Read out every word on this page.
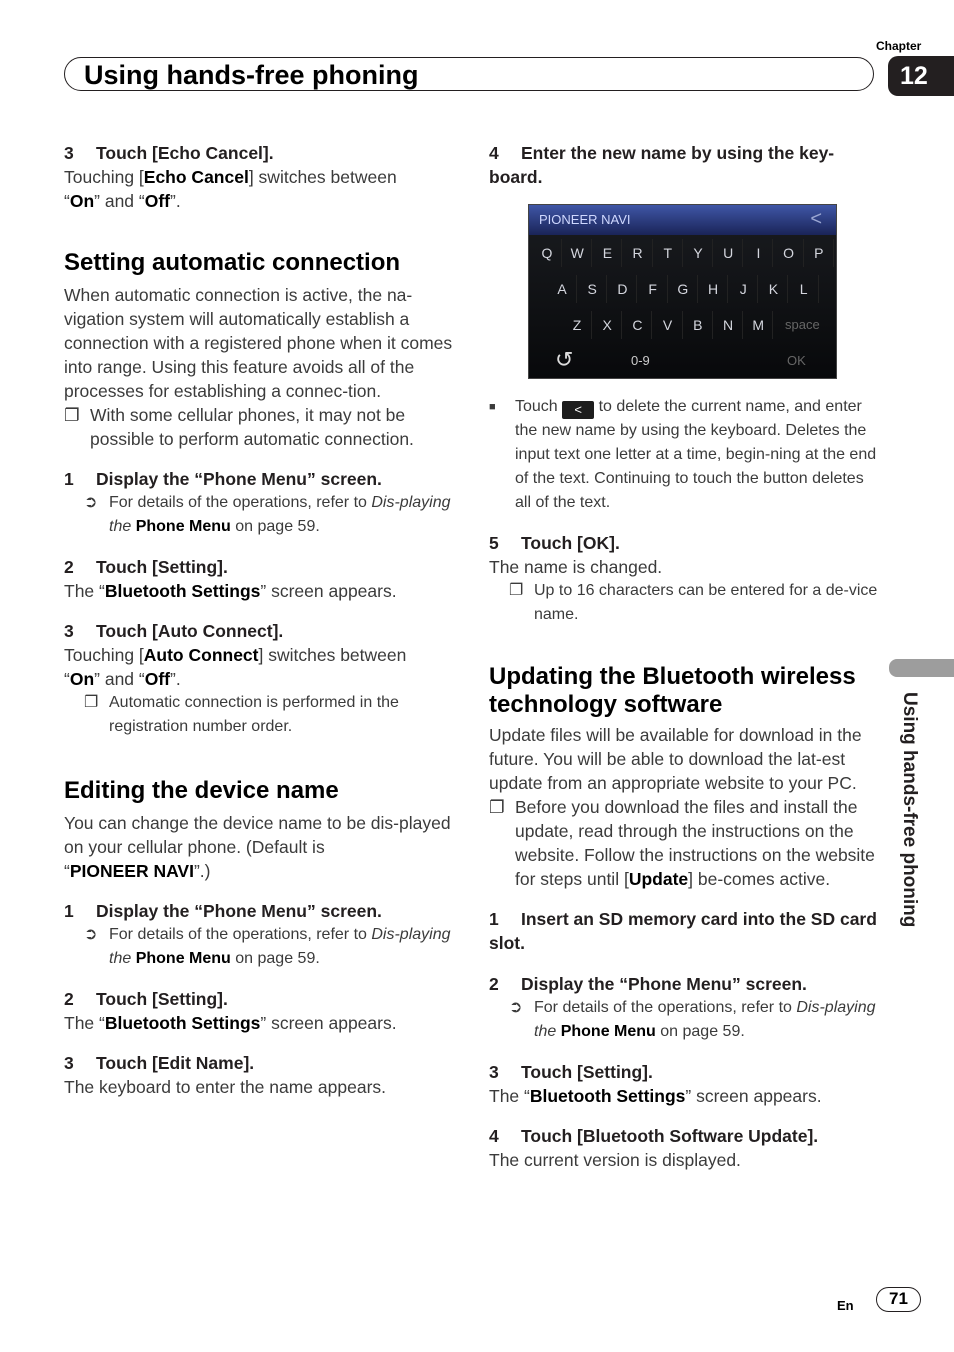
Using hands-free phoning
Chapter
12
Using hands-free phoning

3 Touch [Echo Cancel].

Touching [Echo Cancel] switches between
“On” and “Off”.

Setting automatic connection

When automatic connection is active, the na-vigation system will automatically establish a connection with a registered phone when it comes into range. Using this feature avoids all of the processes for establishing a connec-tion.

❐ With some cellular phones, it may not be possible to perform automatic connection.

1 Display the “Phone Menu” screen.

➲ For details of the operations, refer to Dis-playing the Phone Menu on page 59.

2 Touch [Setting].

The “Bluetooth Settings” screen appears.

3 Touch [Auto Connect].

Touching [Auto Connect] switches between
“On” and “Off”.

❐ Automatic connection is performed in the registration number order.

Editing the device name

You can change the device name to be dis-played on your cellular phone. (Default is
“PIONEER NAVI”.)

1 Display the “Phone Menu” screen.

➲ For details of the operations, refer to Dis-playing the Phone Menu on page 59.

2 Touch [Setting].

The “Bluetooth Settings” screen appears.

3 Touch [Edit Name].

The keyboard to enter the name appears.

4 Enter the new name by using the key-board.

PIONEER NAVI	<
Q	W	E	R	T	Y	U	I	O	P
A	S	D	F	G	H	J	K	L
Z	X	C	V	B	N	M	space
↺	0-9	OK

■ Touch < to delete the current name, and enter the new name by using the keyboard. Deletes the input text one letter at a time, begin-ning at the end of the text. Continuing to touch the button deletes all of the text.

5 Touch [OK].

The name is changed.

❐ Up to 16 characters can be entered for a de-vice name.

Updating the Bluetooth wireless technology software

Update files will be available for download in the future. You will be able to download the lat-est update from an appropriate website to your PC.

❐ Before you download the files and install the update, read through the instructions on the website. Follow the instructions on the website for steps until [Update] be-comes active.

1 Insert an SD memory card into the SD card slot.

2 Display the “Phone Menu” screen.

➲ For details of the operations, refer to Dis-playing the Phone Menu on page 59.

3 Touch [Setting].

The “Bluetooth Settings” screen appears.

4 Touch [Bluetooth Software Update].

The current version is displayed.

En	71
